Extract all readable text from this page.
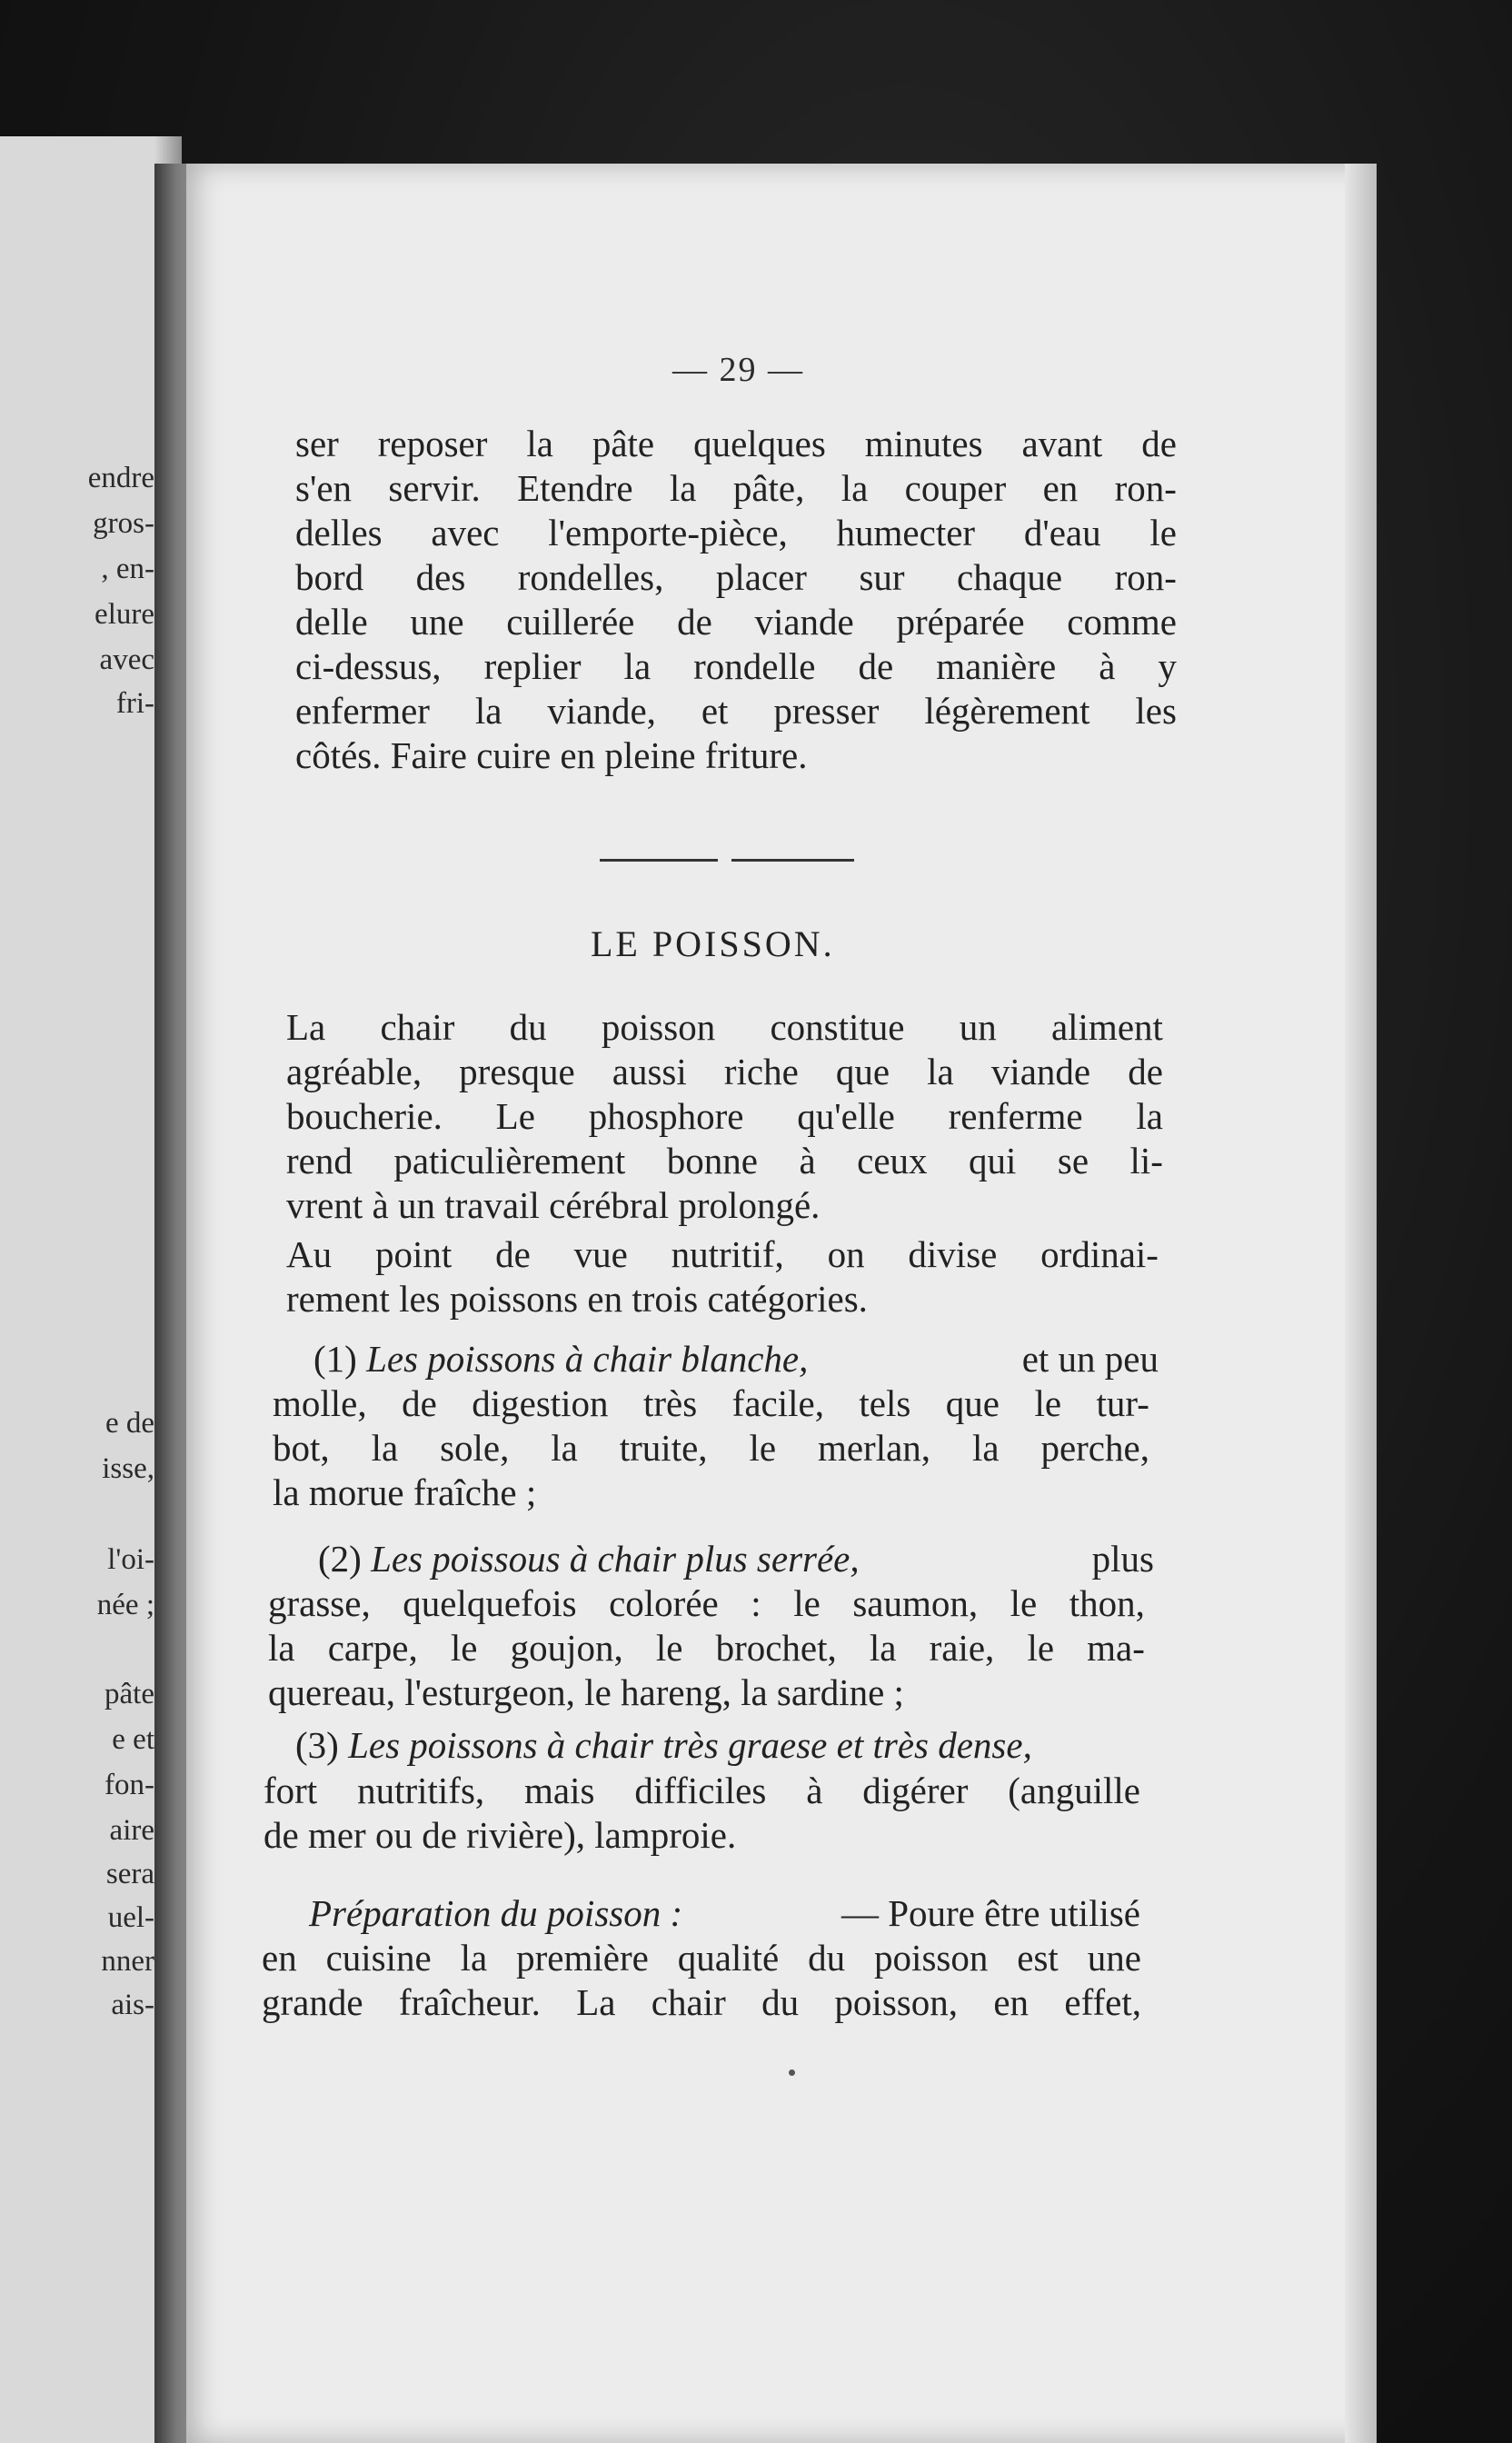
endre
gros-
, en-
elure
avec
fri-
e de
isse,
l'oi-
née ;
pâte
e et
fon-
aire
sera
uel-
nner
ais-
— 29 —
ser reposer la pâte quelques minutes avant de
s'en servir. Etendre la pâte, la couper en ron-
delles avec l'emporte-pièce, humecter d'eau le
bord des rondelles, placer sur chaque ron-
delle une cuillerée de viande préparée comme
ci-dessus, replier la rondelle de manière à y
enfermer la viande, et presser légèrement les
côtés. Faire cuire en pleine friture.
LE POISSON.
La chair du poisson constitue un aliment
agréable, presque aussi riche que la viande de
boucherie. Le phosphore qu'elle renferme la
rend paticulièrement bonne à ceux qui se li-
vrent à un travail cérébral prolongé.
Au point de vue nutritif, on divise ordinai-
rement les poissons en trois catégories.
(1) Les poissons à chair blanche,	et un peu
molle, de digestion très facile, tels que le tur-
bot, la sole, la truite, le merlan, la perche,
la morue fraîche ;
(2) Les poissous à chair plus serrée,	plus
grasse, quelquefois colorée : le saumon, le thon,
la carpe, le goujon, le brochet, la raie, le ma-
quereau, l'esturgeon, le hareng, la sardine ;
(3) Les poissons à chair très graese et très dense,
fort nutritifs, mais difficiles à digérer (anguille
de mer ou de rivière), lamproie.
Préparation du poisson :	— Poure être utilisé
en cuisine la première qualité du poisson est une
grande fraîcheur. La chair du poisson, en effet,
